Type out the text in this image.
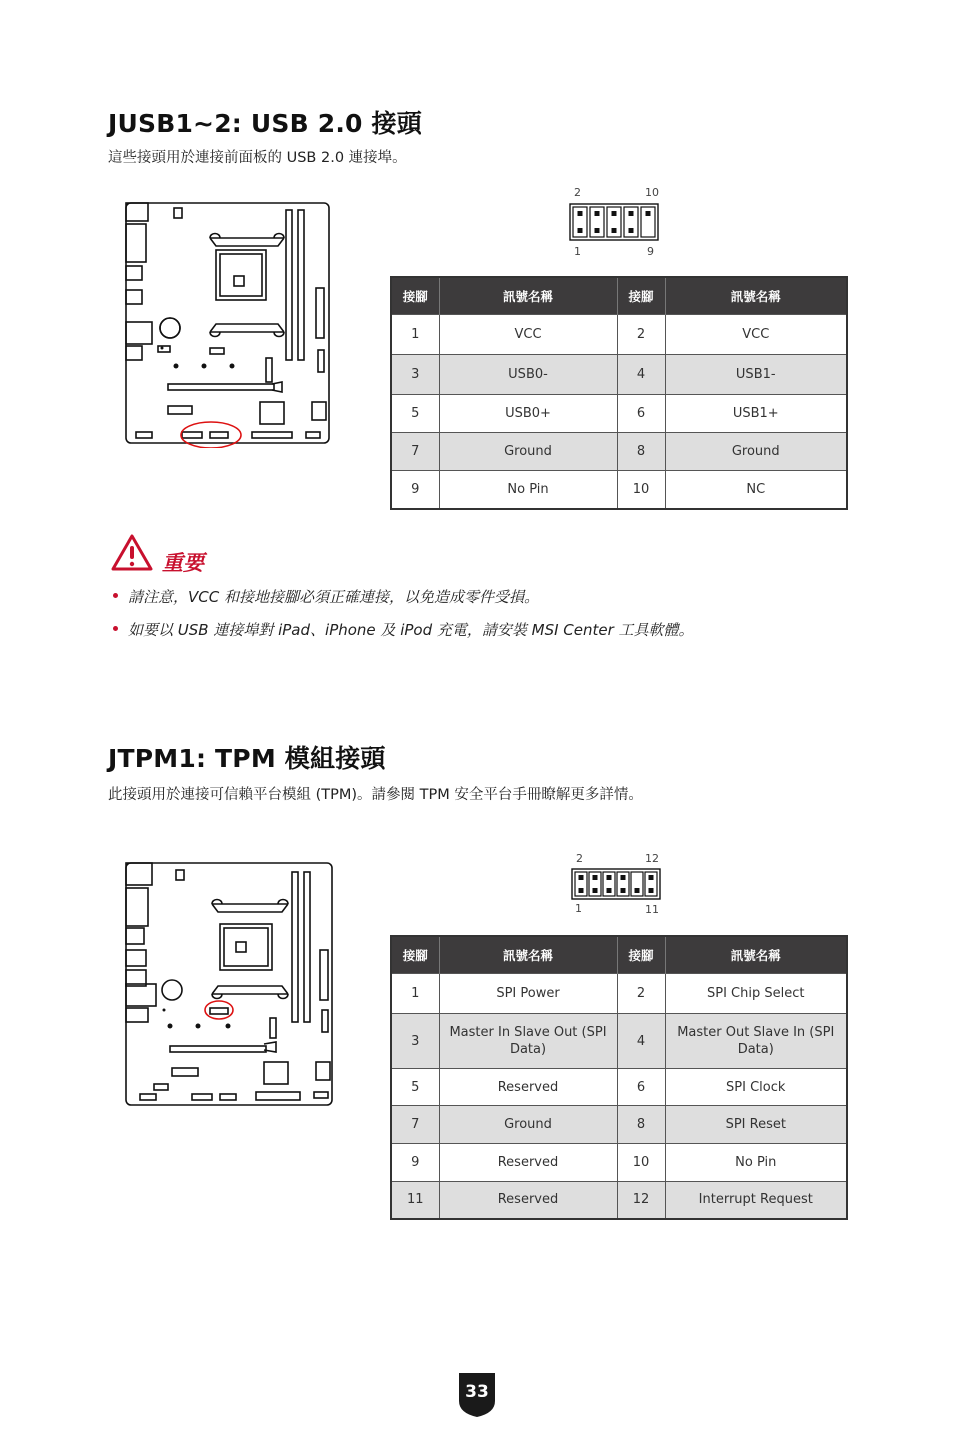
JUSB1~2: USB 2.0 接頭
這些接頭用於連接前面板的 USB 2.0 連接埠。
2	10
1	9
接腳	訊號名稱	接腳	訊號名稱
1	VCC	2	VCC
3	USB0-	4	USB1-
5	USB0+	6	USB1+
7	Ground	8	Ground
9	No Pin	10	NC
重要
請注意，VCC 和接地接腳必須正確連接，以免造成零件受損。
如要以 USB 連接埠對 iPad、iPhone 及 iPod 充電，請安裝 MSI Center 工具軟體。
JTPM1: TPM 模組接頭
此接頭用於連接可信賴平台模組 (TPM)。請參閱 TPM 安全平台手冊瞭解更多詳情。
2	12
1	11
接腳	訊號名稱	接腳	訊號名稱
1	SPI Power	2	SPI Chip Select
3	Master In Slave Out (SPI Data)	4	Master Out Slave In (SPI Data)
5	Reserved	6	SPI Clock
7	Ground	8	SPI Reset
9	Reserved	10	No Pin
11	Reserved	12	Interrupt Request
33
